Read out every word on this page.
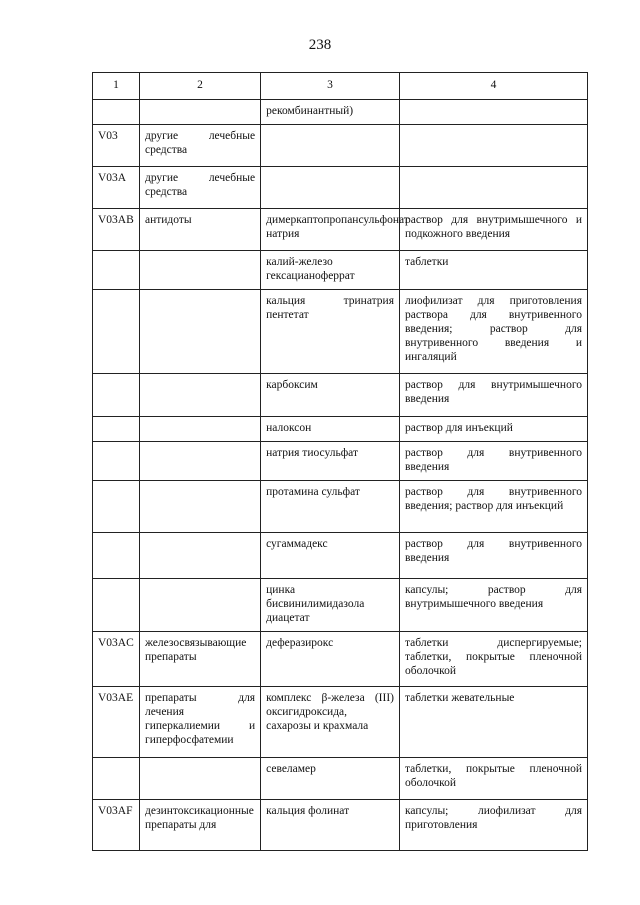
238
1	2	3	4
		рекомбинантный)	
V03	другие лечебные средства		
V03A	другие лечебные средства		
V03AB	антидоты	димеркаптопропансульфонат натрия	раствор для внутримышечного и подкожного введения
		калий-железо гексацианоферрат	таблетки
		кальция тринатрия пентетат	лиофилизат для приготовления раствора для внутривенного введения; раствор для внутривенного введения и ингаляций
		карбоксим	раствор для внутримышечного введения
		налоксон	раствор для инъекций
		натрия тиосульфат	раствор для внутривенного введения
		протамина сульфат	раствор для внутривенного введения; раствор для инъекций
		сугаммадекс	раствор для внутривенного введения
		цинка бисвинилимидазола диацетат	капсулы; раствор для внутримышечного введения
V03AC	железосвязывающие препараты	деферазирокс	таблетки диспергируемые; таблетки, покрытые пленочной оболочкой
V03AE	препараты для лечения гиперкалиемии и гиперфосфатемии	комплекс β-железа (III) оксигидроксида, сахарозы и крахмала	таблетки жевательные
		севеламер	таблетки, покрытые пленочной оболочкой
V03AF	дезинтоксикационные препараты для	кальция фолинат	капсулы; лиофилизат для приготовления
